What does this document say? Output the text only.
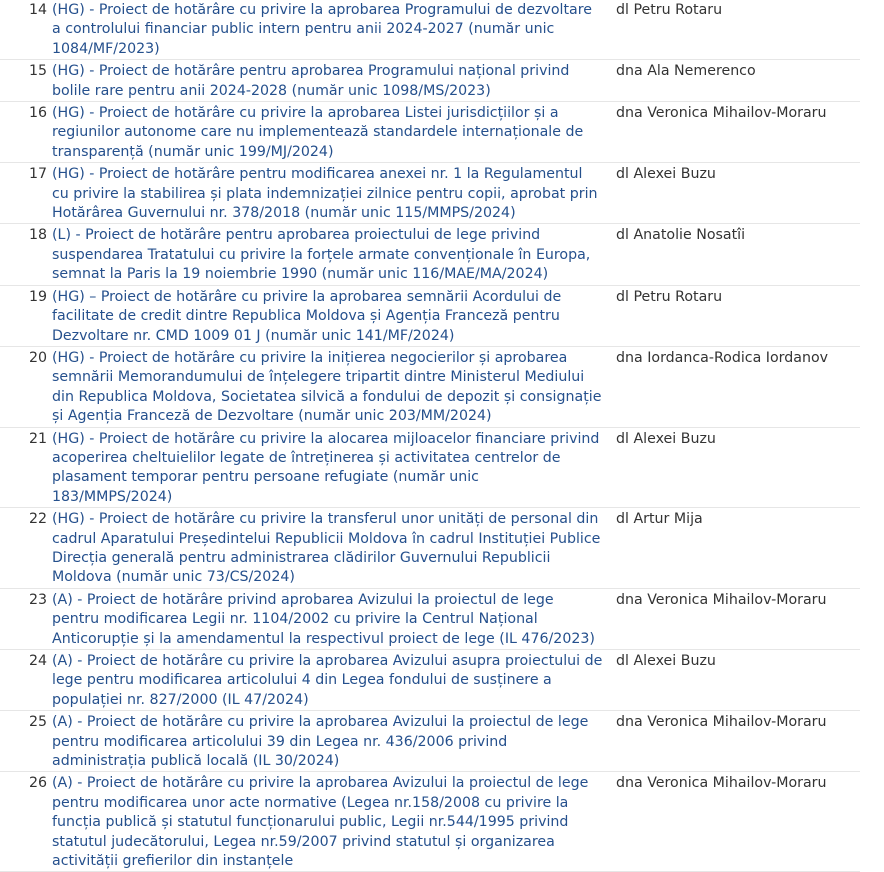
14	(HG) - Proiect de hotărâre cu privire la aprobarea Programului de dezvoltare a controlului financiar public intern pentru anii 2024-2027 (număr unic 1084/MF/2023)	dl Petru Rotaru
15	(HG) - Proiect de hotărâre pentru aprobarea Programului național privind bolile rare pentru anii 2024-2028 (număr unic 1098/MS/2023)	dna Ala Nemerenco
16	(HG) - Proiect de hotărâre cu privire la aprobarea Listei jurisdicțiilor și a regiunilor autonome care nu implementează standardele internaționale de transparență (număr unic 199/MJ/2024)	dna Veronica Mihailov-Moraru
17	(HG) - Proiect de hotărâre pentru modificarea anexei nr. 1 la Regulamentul cu privire la stabilirea și plata indemnizației zilnice pentru copii, aprobat prin Hotărârea Guvernului nr. 378/2018 (număr unic 115/MMPS/2024)	dl Alexei Buzu
18	(L) - Proiect de hotărâre pentru aprobarea proiectului de lege privind suspendarea Tratatului cu privire la forțele armate convenționale în Europa, semnat la Paris la 19 noiembrie 1990 (număr unic 116/MAE/MA/2024)	dl Anatolie Nosatîi
19	(HG) – Proiect de hotărâre cu privire la aprobarea semnării Acordului de facilitate de credit dintre Republica Moldova și Agenția Franceză pentru Dezvoltare nr. CMD 1009 01 J (număr unic 141/MF/2024)	dl Petru Rotaru
20	(HG) - Proiect de hotărâre cu privire la inițierea negocierilor și aprobarea semnării Memorandumului de înțelegere tripartit dintre Ministerul Mediului din Republica Moldova, Societatea silvică a fondului de depozit și consignație și Agenția Franceză de Dezvoltare (număr unic 203/MM/2024)	dna Iordanca-Rodica Iordanov
21	(HG) - Proiect de hotărâre cu privire la alocarea mijloacelor financiare privind acoperirea cheltuielilor legate de întreținerea și activitatea centrelor de plasament temporar pentru persoane refugiate (număr unic 183/MMPS/2024)	dl Alexei Buzu
22	(HG) - Proiect de hotărâre cu privire la transferul unor unități de personal din cadrul Aparatului Președintelui Republicii Moldova în cadrul Instituției Publice Direcția generală pentru administrarea clădirilor Guvernului Republicii Moldova (număr unic 73/CS/2024)	dl Artur Mija
23	(A) - Proiect de hotărâre privind aprobarea Avizului la proiectul de lege pentru modificarea Legii nr. 1104/2002 cu privire la Centrul Național Anticorupție și la amendamentul la respectivul proiect de lege (IL 476/2023)	dna Veronica Mihailov-Moraru
24	(A) - Proiect de hotărâre cu privire la aprobarea Avizului asupra proiectului de lege pentru modificarea articolului 4 din Legea fondului de susținere a populației nr. 827/2000 (IL 47/2024)	dl Alexei Buzu
25	(A) - Proiect de hotărâre cu privire la aprobarea Avizului la proiectul de lege pentru modificarea articolului 39 din Legea nr. 436/2006 privind administrația publică locală (IL 30/2024)	dna Veronica Mihailov-Moraru
26	(A) - Proiect de hotărâre cu privire la aprobarea Avizului la proiectul de lege pentru modificarea unor acte normative (Legea nr.158/2008 cu privire la funcția publică și statutul funcționarului public, Legii nr.544/1995 privind statutul judecătorului, Legea nr.59/2007 privind statutul și organizarea activității grefierilor din instanțele	dna Veronica Mihailov-Moraru
